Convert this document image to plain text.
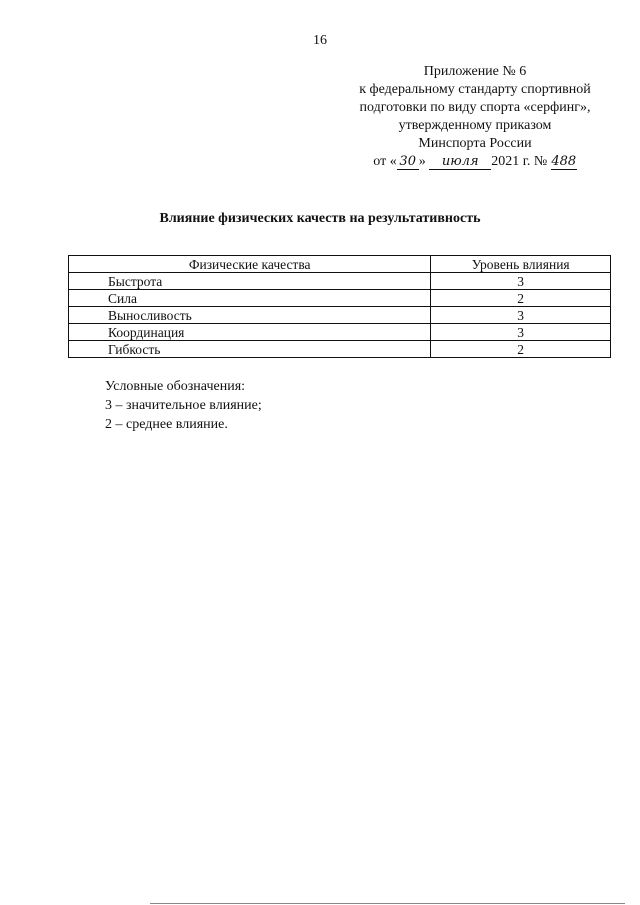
16
Приложение № 6
к федеральному стандарту спортивной
подготовки по виду спорта «серфинг»,
утвержденному приказом
Минспорта России
от « 30 » июля 2021 г. № 488
Влияние физических качеств на результативность
Физические качества	Уровень влияния
Быстрота	3
Сила	2
Выносливость	3
Координация	3
Гибкость	2
Условные обозначения:
3 – значительное влияние;
2 – среднее влияние.
